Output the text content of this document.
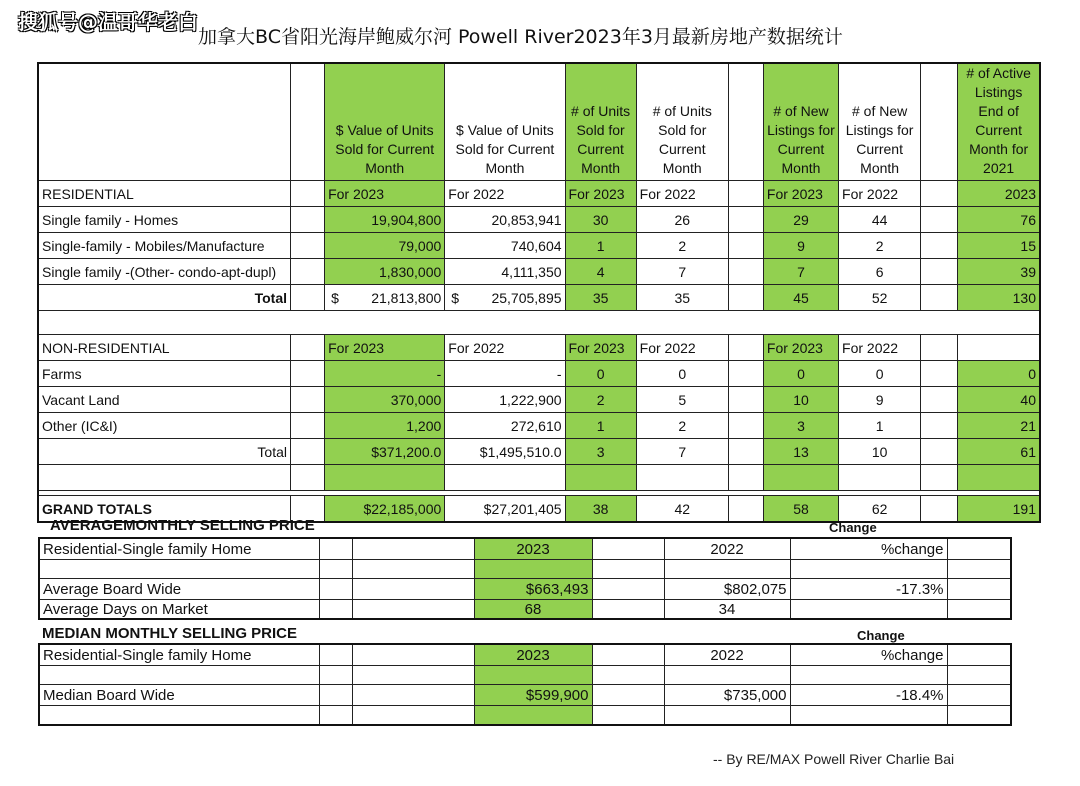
搜狐号@温哥华老白
加拿大BC省阳光海岸鲍威尔河 Powell River2023年3月最新房地产数据统计
		$ Value of Units Sold for Current Month	$ Value of Units Sold for Current Month	# of Units Sold for Current Month	# of Units Sold for Current Month		# of New Listings for Current Month	# of New Listings for Current Month		# of Active Listings End of Current Month for 2021
RESIDENTIAL		For 2023	For 2022	For 2023	For 2022		For 2023	For 2022		2023
Single family - Homes		19,904,800	20,853,941	30	26		29	44		76
Single-family - Mobiles/Manufacture		79,000	740,604	1	2		9	2		15
Single family -(Other- condo-apt-dupl)		1,830,000	4,111,350	4	7		7	6		39
Total		$ 21,813,800	$ 25,705,895	35	35		45	52		130

NON-RESIDENTIAL		For 2023	For 2022	For 2023	For 2022		For 2023	For 2022		
Farms		-	-	0	0		0	0		0
Vacant Land		370,000	1,222,900	2	5		10	9		40
Other (IC&I)		1,200	272,610	1	2		3	1		21
Total		$371,200.0	$1,495,510.0	3	7		13	10		61

GRAND TOTALS		$22,185,000	$27,201,405	38	42		58	62		191
AVERAGEMONTHLY SELLING PRICE	Change
Residential-Single family Home			2023		2022	%change	

Average Board Wide			$663,493		$802,075	-17.3%	
Average Days on Market			68		34		
MEDIAN MONTHLY SELLING PRICE	Change
Residential-Single family Home			2023		2022	%change	

Median Board Wide			$599,900		$735,000	-18.4%	

-- By RE/MAX Powell River Charlie Bai
